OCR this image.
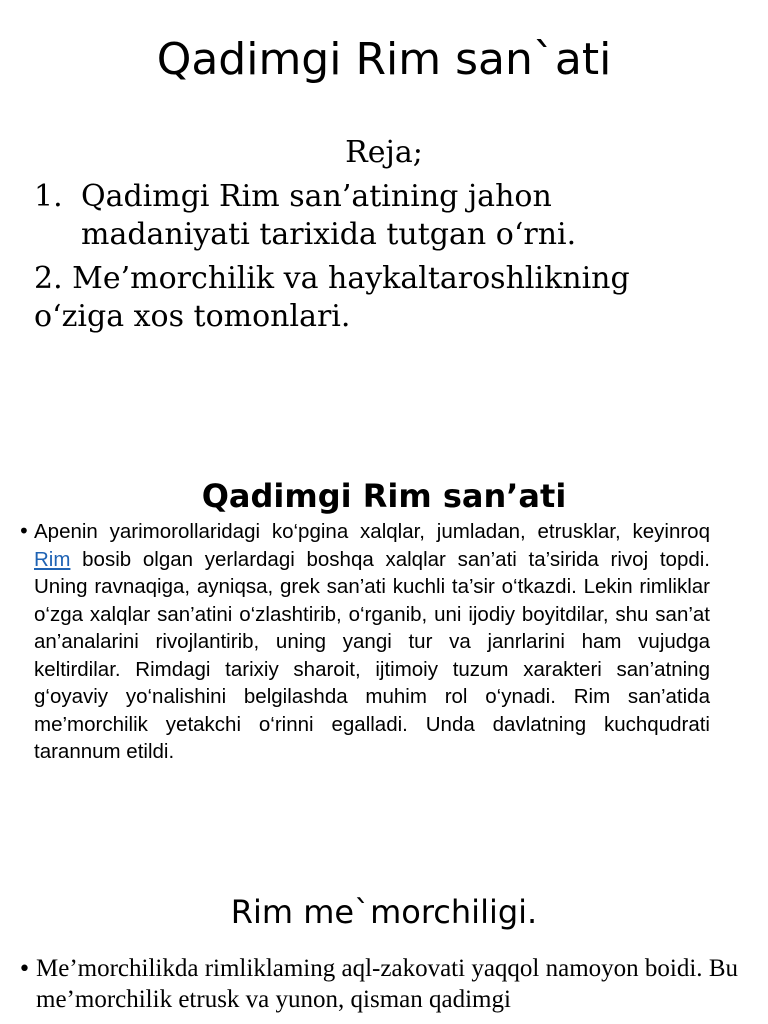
Qadimgi Rim san`ati
Reja;
1. Qadimgi Rim san’atining jahon madaniyati tarixida tutgan o‘rni.
2. Me’morchilik va haykaltaroshlikning o‘ziga xos tomonlari.
Qadimgi Rim san’ati
• Apenin yarimorollaridagi ko‘pgina xalqlar, jumladan, etrusklar, keyinroq Rim bosib olgan yerlardagi boshqa xalqlar san’ati ta’sirida rivoj topdi. Uning ravnaqiga, ayniqsa, grek san’ati kuchli ta’sir o‘tkazdi. Lekin rimliklar o‘zga xalqlar san’atini o‘zlashtirib, o‘rganib, uni ijodiy boyitdilar, shu san’at an’analarini rivojlantirib, uning yangi tur va janrlarini ham vujudga keltirdilar. Rimdagi tarixiy sharoit, ijtimoiy tuzum xarakteri san’atning g‘oyaviy yo‘nalishini belgilashda muhim rol o‘ynadi. Rim san’atida me’morchilik yetakchi o‘rinni egalladi. Unda davlatning kuchqudrati tarannum etildi.
Rim me`morchiligi.
• Me’morchilikda rimliklaming aql-zakovati yaqqol namoyon boidi. Bu me’morchilik etrusk va yunon, qisman qadimgi
